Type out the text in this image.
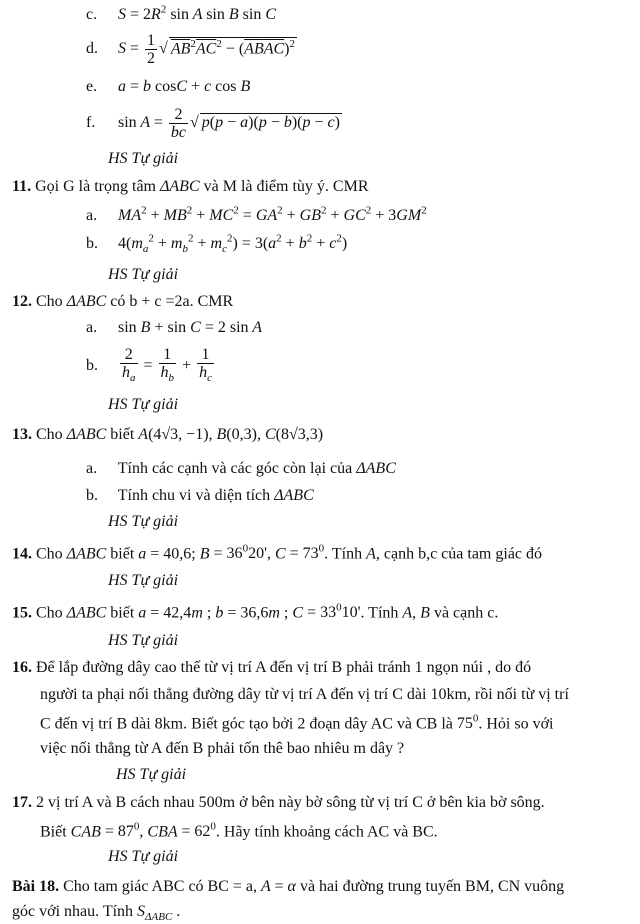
c. $S = 2R^2$ sin A sin B sin C
d. $S = \frac{1}{2}$ √ $AB^2\overline{AC}^2 - (\overline{AB}\overline{AC})^2$
e. a = b cosC + c cos B
f. $\sin A = \frac{2}{bc}$ √ p(p − a)(p − b)(p − c)
HS Tự giải
11. Gọi G là trọng tâm ΔABC và M là điểm tùy ý. CMR
a. $MA^2 + MB^2 + MC^2 = GA^2 + GB^2 + GC^2 + 3GM^2$
b. $4(m_a^2 + m_b^2 + m_c^2) = 3(a^2 + b^2 + c^2)$
HS Tự giải
12. Cho ΔABC có b + c =2a. CMR
a. sin B + sin C = 2 sin A
b. $\frac{2}{h_a} = \frac{1}{h_b} + \frac{1}{h_c}$
HS Tự giải
13. Cho ΔABC biết A(4√3, −1), B(0,3), C(8√3,3)
a. Tính các cạnh và các góc còn lại của ΔABC
b. Tính chu vi và diện tích ΔABC
HS Tự giải
14. Cho ΔABC biết a = 40,6; $B = 36^020'$, $C = 73^0$. Tính A, cạnh b,c của tam giác đó
HS Tự giải
15. Cho ΔABC biết a = 42,4m ; b = 36,6m ; $C = 33^010'$. Tính A, B và cạnh c.
HS Tự giải
16. Để lắp đường dây cao thế từ vị trí A đến vị trí B phải tránh 1 ngọn núi , do đó
người ta phại nối thẳng đường dây từ vị trí A đến vị trí C dài 10km, rồi nối từ vị trí
C đến vị trí B dài 8km. Biết góc tạo bởi 2 đoạn dây AC và CB là $75^0$. Hỏi so với
việc nối thẳng từ A đến B phải tốn thê bao nhiêu m dây ?
HS Tự giải
17. 2 vị trí A và B cách nhau 500m ở bên này bờ sông từ vị trí C ở bên kia bờ sông.
Biết CAB = $87^0$, CBA = $62^0$. Hãy tính khoảng cách AC và BC.
HS Tự giải
Bài 18. Cho tam giác ABC có BC = a, A = α và hai đường trung tuyến BM, CN vuông
góc với nhau. Tính $S_{\Delta ABC}$ .
